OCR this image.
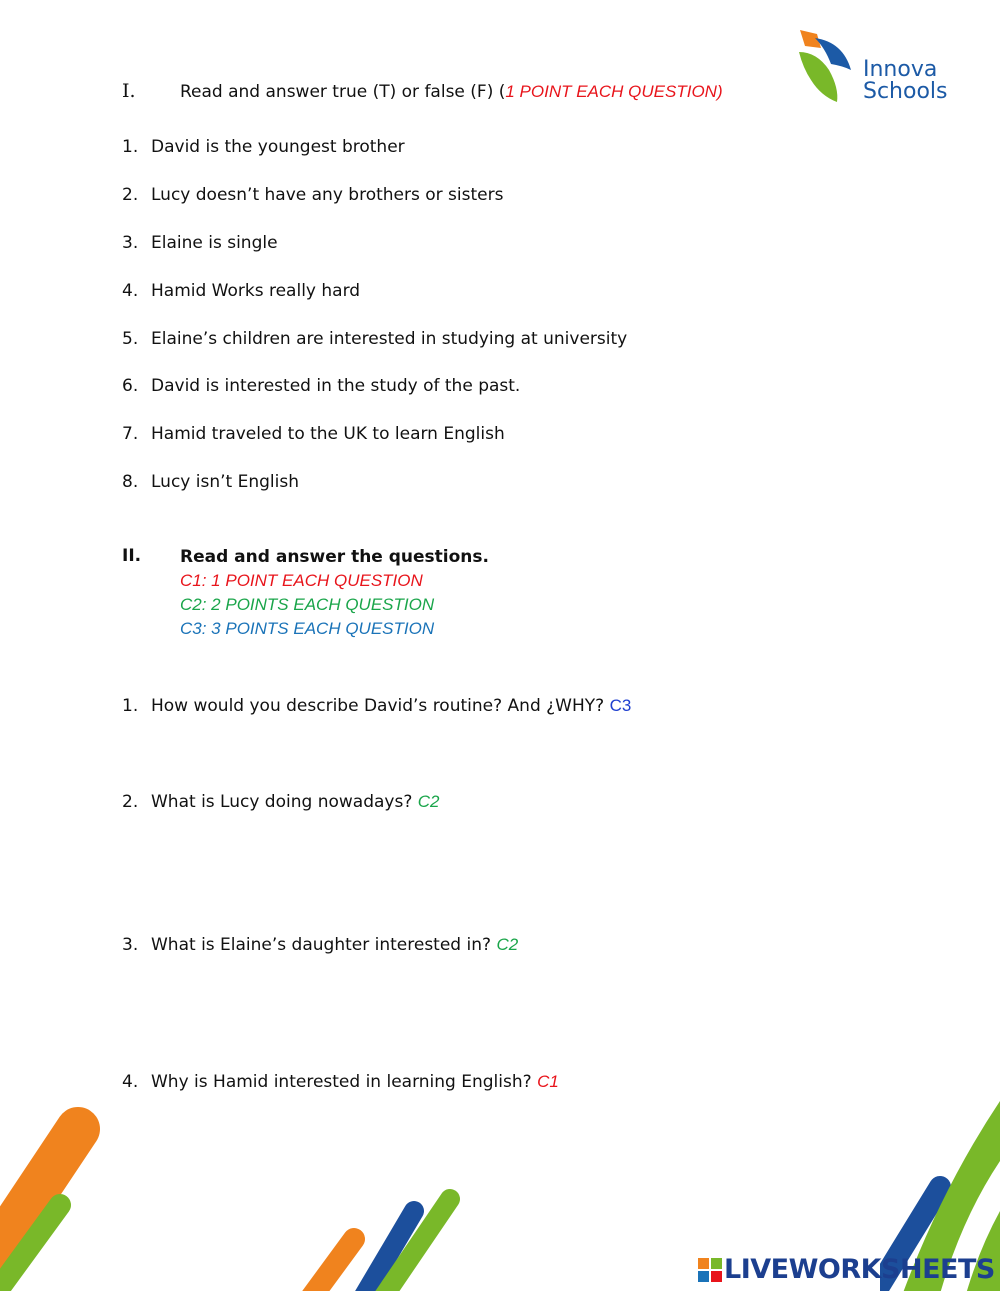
Innova
Schools
I.	Read and answer true (T) or false (F) (1 POINT EACH QUESTION)
1. David is the youngest brother
2. Lucy doesn’t have any brothers or sisters
3. Elaine is single
4. Hamid Works really hard
5. Elaine’s children are interested in studying at university
6. David is interested in the study of the past.
7. Hamid traveled to the UK to learn English
8. Lucy isn’t English
II. Read and answer the questions.
C1: 1 POINT EACH QUESTION
C2: 2 POINTS EACH QUESTION
C3: 3 POINTS EACH QUESTION
1. How would you describe David’s routine? And ¿WHY? C3
2. What is Lucy doing nowadays? C2
3. What is Elaine’s daughter interested in? C2
4. Why is Hamid interested in learning English? C1
LIVEWORKSHEETS
